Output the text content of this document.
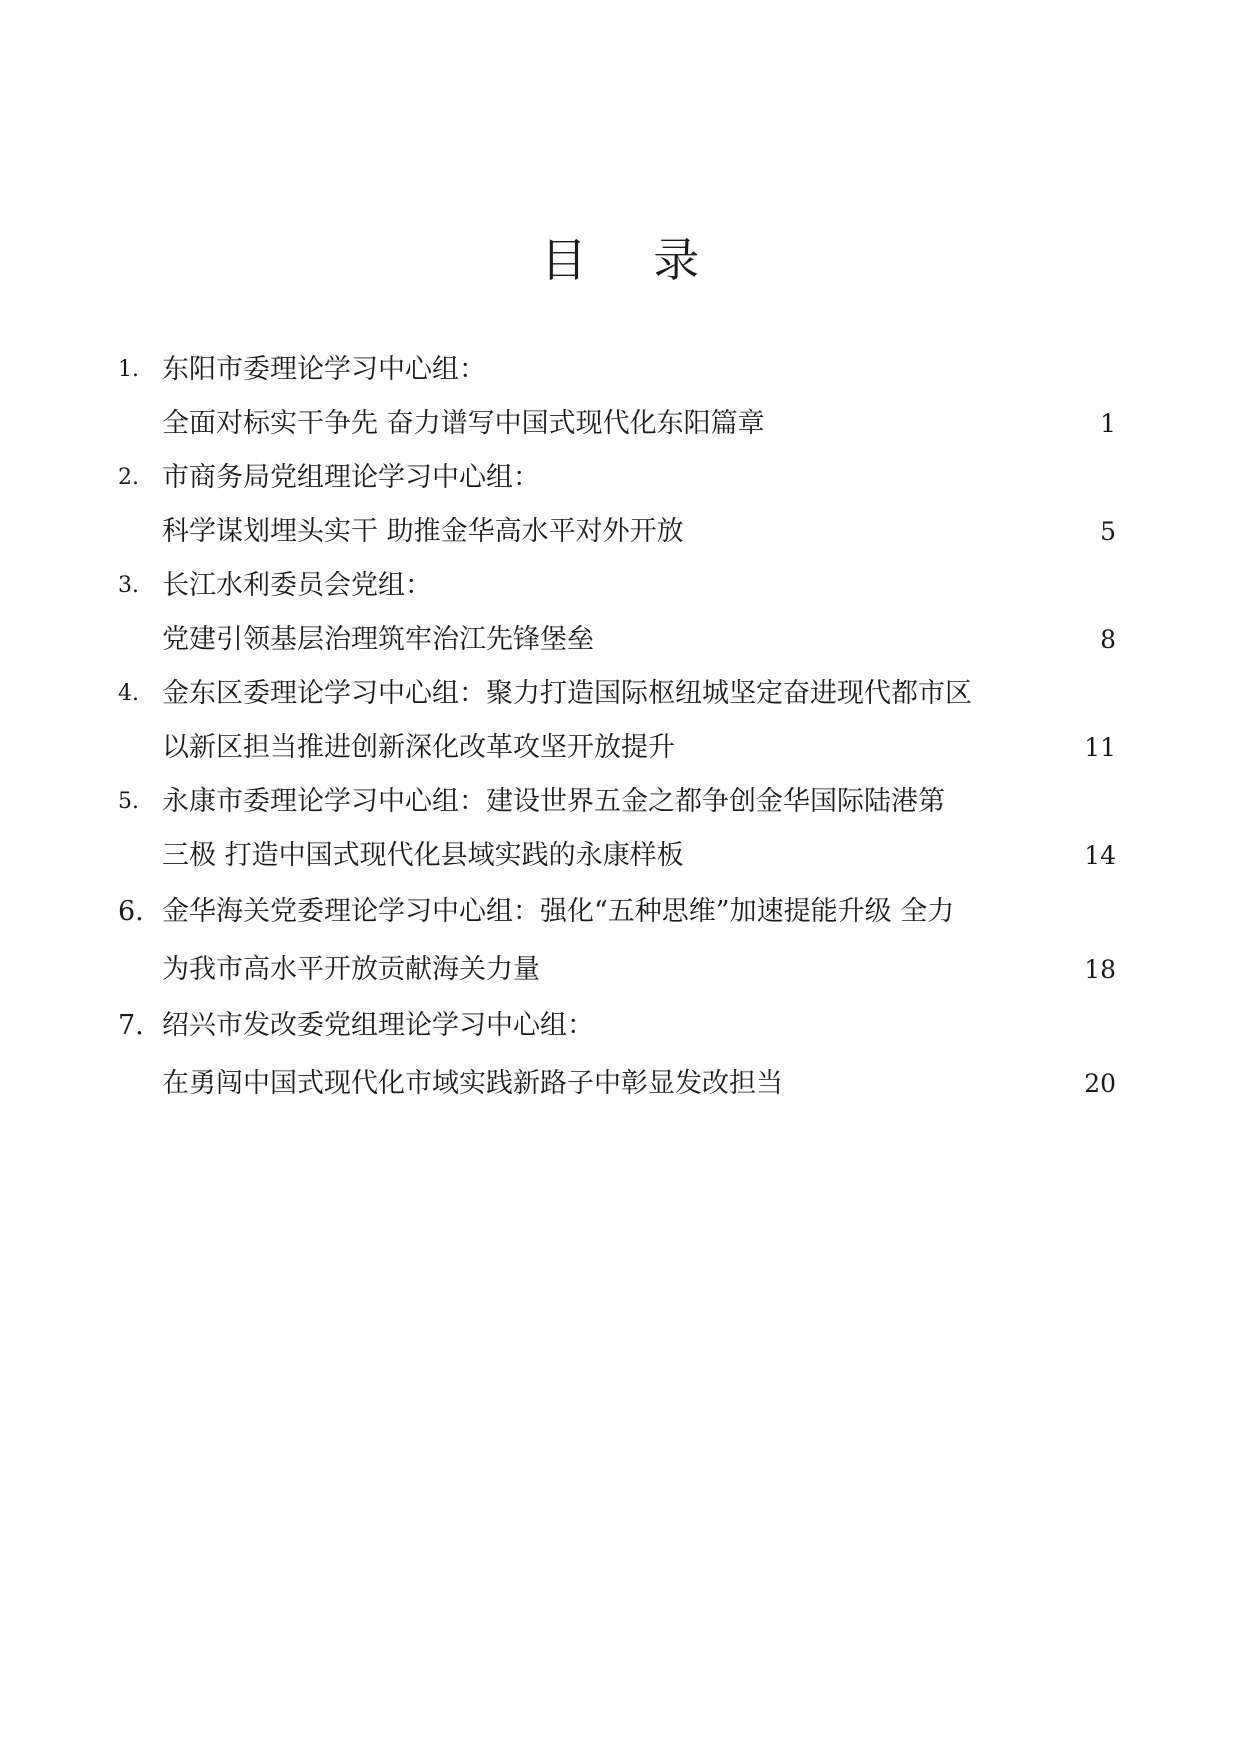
目 录
1. 东阳市委理论学习中心组：
全面对标实干争先 奋力谱写中国式现代化东阳篇章	1
2. 市商务局党组理论学习中心组：
科学谋划埋头实干 助推金华高水平对外开放	5
3. 长江水利委员会党组：
党建引领基层治理筑牢治江先锋堡垒	8
4. 金东区委理论学习中心组：聚力打造国际枢纽城坚定奋进现代都市区
以新区担当推进创新深化改革攻坚开放提升	11
5. 永康市委理论学习中心组：建设世界五金之都争创金华国际陆港第
三极 打造中国式现代化县域实践的永康样板	14
6. 金华海关党委理论学习中心组：强化“五种思维”加速提能升级 全力
为我市高水平开放贡献海关力量	18
7. 绍兴市发改委党组理论学习中心组：
在勇闯中国式现代化市域实践新路子中彰显发改担当	20
